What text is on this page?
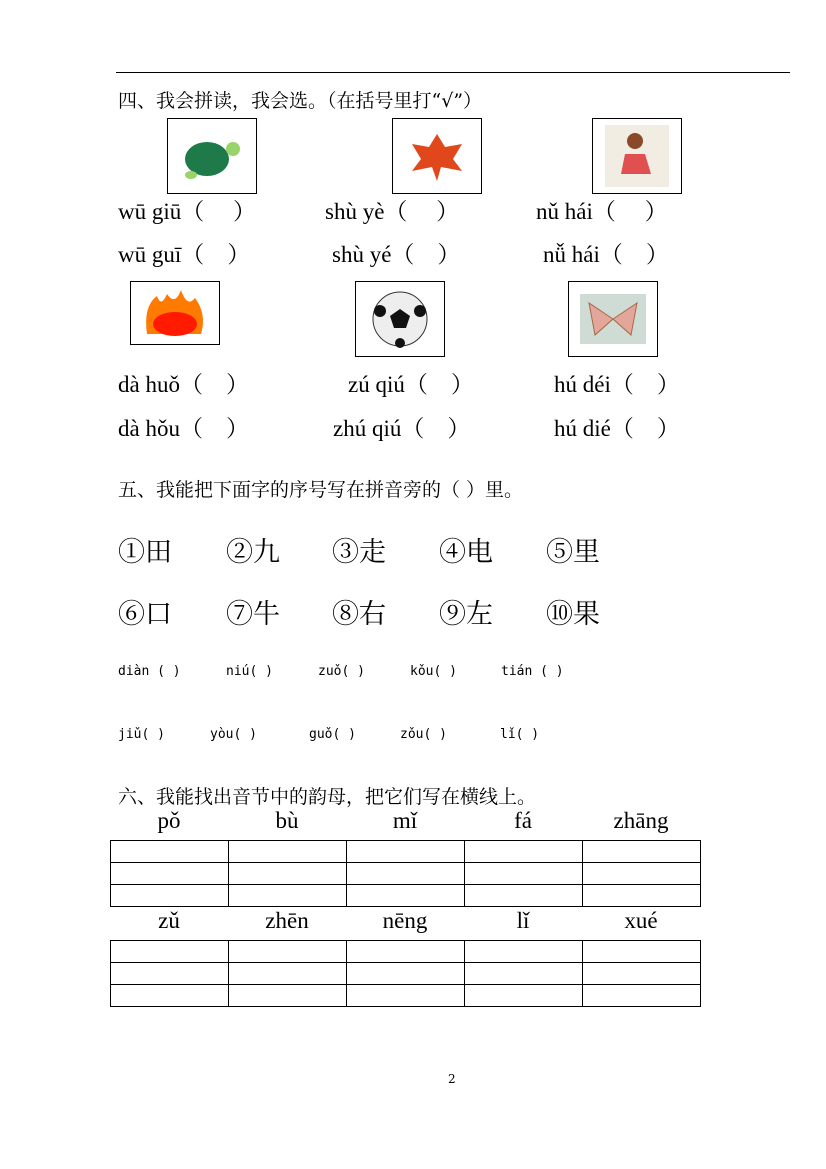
四、我会拼读，我会选。（在括号里打“√”）
wū giū（　 ）	shù yè（　 ）	nǔ hái（　 ）
wū guī（　）	shù yé（　）	nǚ hái（　）
dà huǒ（　）	zú qiú（　）	hú déi（　）
dà hǒu（　）	zhú qiú（　）	hú dié（　）
五、我能把下面字的序号写在拼音旁的（ ）里。
①田 ②九 ③走 ④电 ⑤里
⑥口 ⑦牛 ⑧右 ⑨左 ⑩果
diàn ( )	niú( )	zuǒ( )	kǒu( )	tián ( )
jiǔ( )	yòu( )	guǒ( )	zǒu( )	lǐ( )
六、我能找出音节中的韵母，把它们写在横线上。
pǒ	bù	mǐ	fá	zhāng

zǔ	zhēn	nēng	lǐ	xué

2
